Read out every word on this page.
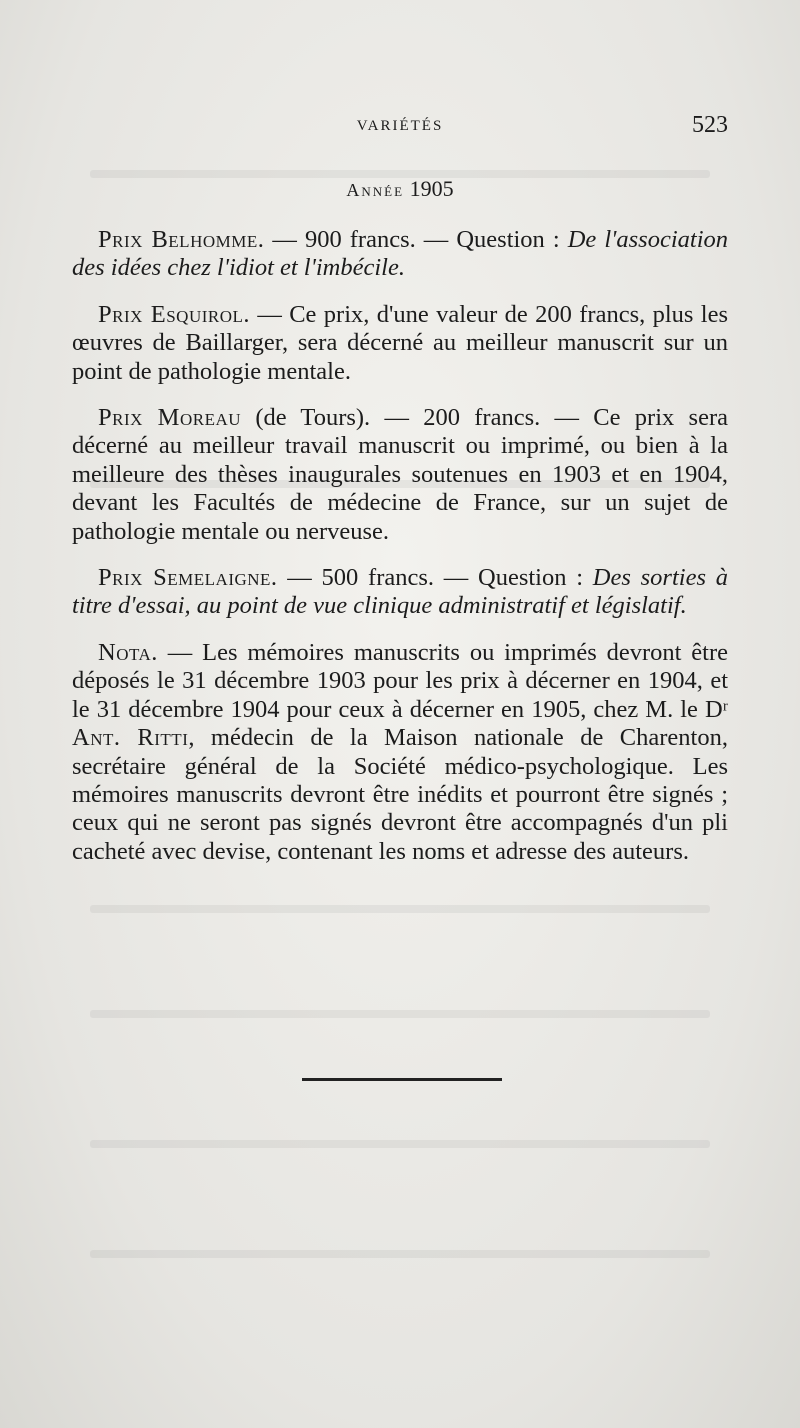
VARIÉTÉS	523
Année 1905

Prix Belhomme. — 900 francs. — Question : De l'association des idées chez l'idiot et l'imbécile.

Prix Esquirol. — Ce prix, d'une valeur de 200 francs, plus les œuvres de Baillarger, sera décerné au meilleur manuscrit sur un point de pathologie mentale.

Prix Moreau (de Tours). — 200 francs. — Ce prix sera décerné au meilleur travail manuscrit ou imprimé, ou bien à la meilleure des thèses inaugurales soutenues en 1903 et en 1904, devant les Facultés de médecine de France, sur un sujet de pathologie mentale ou nerveuse.

Prix Semelaigne. — 500 francs. — Question : Des sorties à titre d'essai, au point de vue clinique administratif et législatif.

Nota. — Les mémoires manuscrits ou imprimés devront être déposés le 31 décembre 1903 pour les prix à décerner en 1904, et le 31 décembre 1904 pour ceux à décerner en 1905, chez M. le Dʳ Ant. Ritti, médecin de la Maison nationale de Charenton, secrétaire général de la Société médico-psychologique. Les mémoires manuscrits devront être inédits et pourront être signés ; ceux qui ne seront pas signés devront être accompagnés d'un pli cacheté avec devise, contenant les noms et adresse des auteurs.
